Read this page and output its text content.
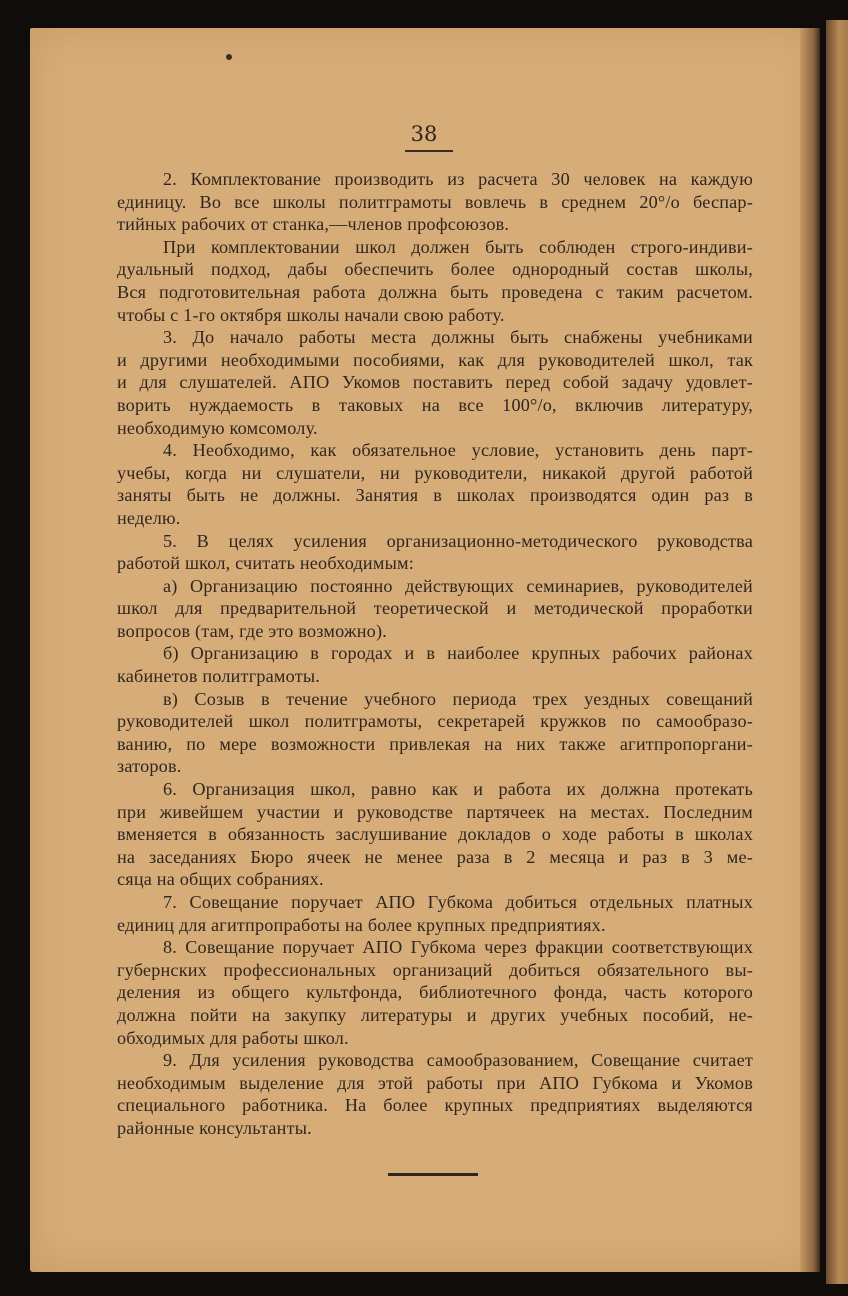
38
2. Комплектование производить из расчета 30 человек на каждую
единицу. Во все школы политграмоты вовлечь в среднем 20°/о беспар-
тийных рабочих от станка,—членов профсоюзов.
При комплектовании школ должен быть соблюден строго-индиви-
дуальный подход, дабы обеспечить более однородный состав школы,
Вся подготовительная работа должна быть проведена с таким расчетом.
чтобы с 1-го октября школы начали свою работу.
3. До начало работы места должны быть снабжены учебниками
и другими необходимыми пособиями, как для руководителей школ, так
и для слушателей. АПО Укомов поставить перед собой задачу удовлет-
ворить нуждаемость в таковых на все 100°/о, включив литературу,
необходимую комсомолу.
4. Необходимо, как обязательное условие, установить день парт-
учебы, когда ни слушатели, ни руководители, никакой другой работой
заняты быть не должны. Занятия в школах производятся один раз в
неделю.
5. В целях усиления организационно-методического руководства
работой школ, считать необходимым:
а) Организацию постоянно действующих семинариев, руководителей
школ для предварительной теоретической и методической проработки
вопросов (там, где это возможно).
б) Организацию в городах и в наиболее крупных рабочих районах
кабинетов политграмоты.
в) Созыв в течение учебного периода трех уездных совещаний
руководителей школ политграмоты, секретарей кружков по самообразо-
ванию, по мере возможности привлекая на них также агитпропоргани-
заторов.
6. Организация школ, равно как и работа их должна протекать
при живейшем участии и руководстве партячеек на местах. Последним
вменяется в обязанность заслушивание докладов о ходе работы в школах
на заседаниях Бюро ячеек не менее раза в 2 месяца и раз в 3 ме-
сяца на общих собраниях.
7. Совещание поручает АПО Губкома добиться отдельных платных
единиц для агитпропработы на более крупных предприятиях.
8. Совещание поручает АПО Губкома через фракции соответствующих
губернских профессиональных организаций добиться обязательного вы-
деления из общего культфонда, библиотечного фонда, часть которого
должна пойти на закупку литературы и других учебных пособий, не-
обходимых для работы школ.
9. Для усиления руководства самообразованием, Совещание считает
необходимым выделение для этой работы при АПО Губкома и Укомов
специального работника. На более крупных предприятиях выделяются
районные консультанты.
